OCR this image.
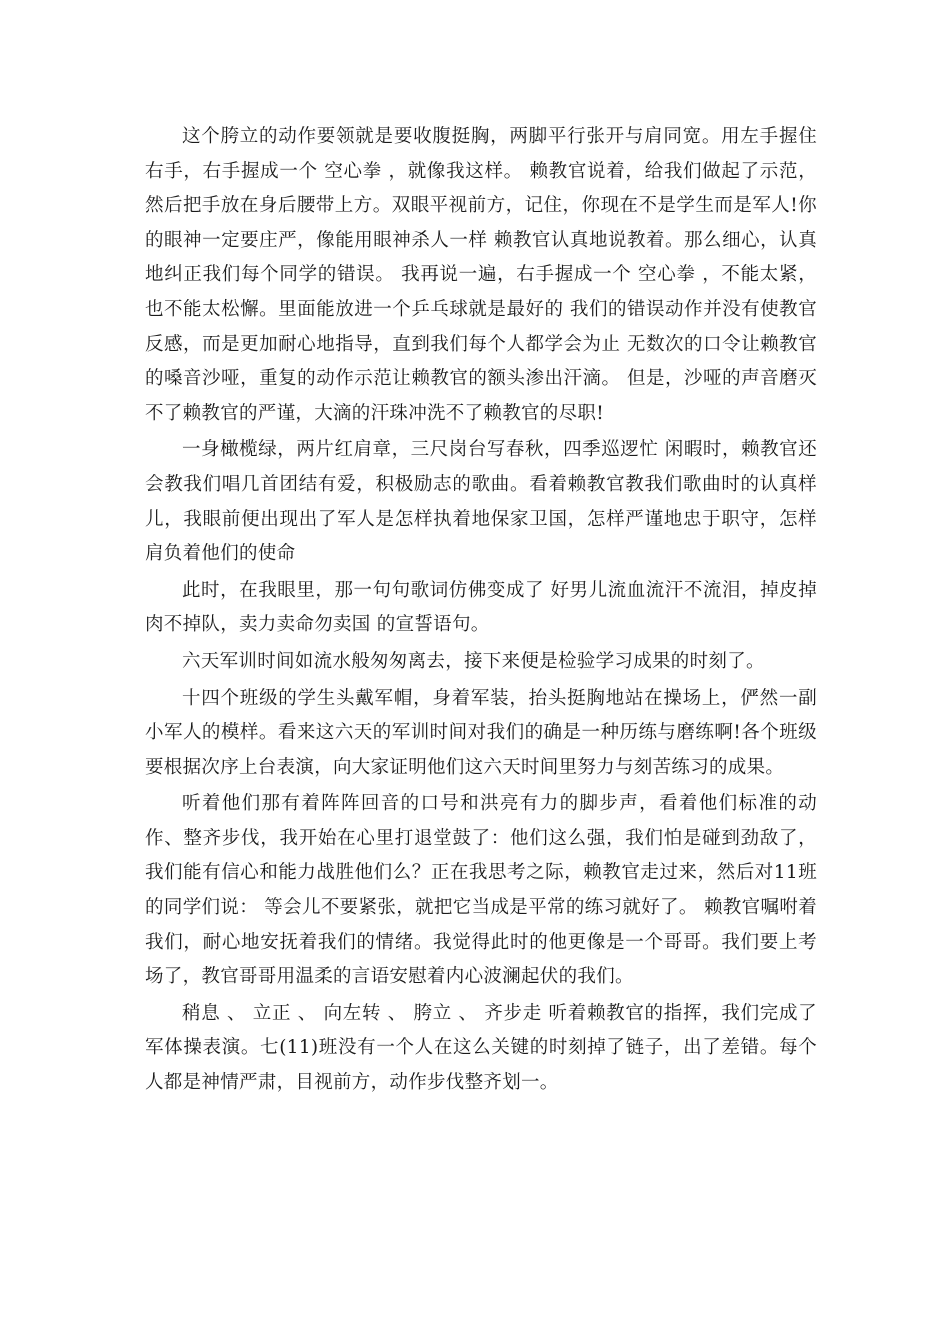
这个胯立的动作要领就是要收腹挺胸，两脚平行张开与肩同宽。用左手握住右手，右手握成一个 空心拳 ，就像我这样。 赖教官说着，给我们做起了示范， 然后把手放在身后腰带上方。双眼平视前方，记住，你现在不是学生而是军人!你的眼神一定要庄严，像能用眼神杀人一样 赖教官认真地说教着。那么细心，认真地纠正我们每个同学的错误。 我再说一遍，右手握成一个 空心拳 ，不能太紧，也不能太松懈。里面能放进一个乒乓球就是最好的 我们的错误动作并没有使教官反感，而是更加耐心地指导，直到我们每个人都学会为止 无数次的口令让赖教官的嗓音沙哑，重复的动作示范让赖教官的额头渗出汗滴。 但是，沙哑的声音磨灭不了赖教官的严谨，大滴的汗珠冲洗不了赖教官的尽职!

一身橄榄绿，两片红肩章，三尺岗台写春秋，四季巡逻忙 闲暇时，赖教官还会教我们唱几首团结有爱，积极励志的歌曲。看着赖教官教我们歌曲时的认真样儿，我眼前便出现出了军人是怎样执着地保家卫国，怎样严谨地忠于职守，怎样肩负着他们的使命

此时，在我眼里，那一句句歌词仿佛变成了 好男儿流血流汗不流泪，掉皮掉肉不掉队，卖力卖命勿卖国 的宣誓语句。

六天军训时间如流水般匆匆离去，接下来便是检验学习成果的时刻了。

十四个班级的学生头戴军帽，身着军装，抬头挺胸地站在操场上，俨然一副小军人的模样。看来这六天的军训时间对我们的确是一种历练与磨练啊!各个班级要根据次序上台表演，向大家证明他们这六天时间里努力与刻苦练习的成果。

听着他们那有着阵阵回音的口号和洪亮有力的脚步声，看着他们标准的动作、整齐步伐，我开始在心里打退堂鼓了：他们这么强，我们怕是碰到劲敌了，我们能有信心和能力战胜他们么？正在我思考之际，赖教官走过来，然后对11班的同学们说： 等会儿不要紧张，就把它当成是平常的练习就好了。 赖教官嘱咐着我们，耐心地安抚着我们的情绪。我觉得此时的他更像是一个哥哥。我们要上考场了，教官哥哥用温柔的言语安慰着内心波澜起伏的我们。

稍息 、 立正 、 向左转 、 胯立 、 齐步走 听着赖教官的指挥，我们完成了军体操表演。七(11)班没有一个人在这么关键的时刻掉了链子，出了差错。每个人都是神情严肃，目视前方，动作步伐整齐划一。
